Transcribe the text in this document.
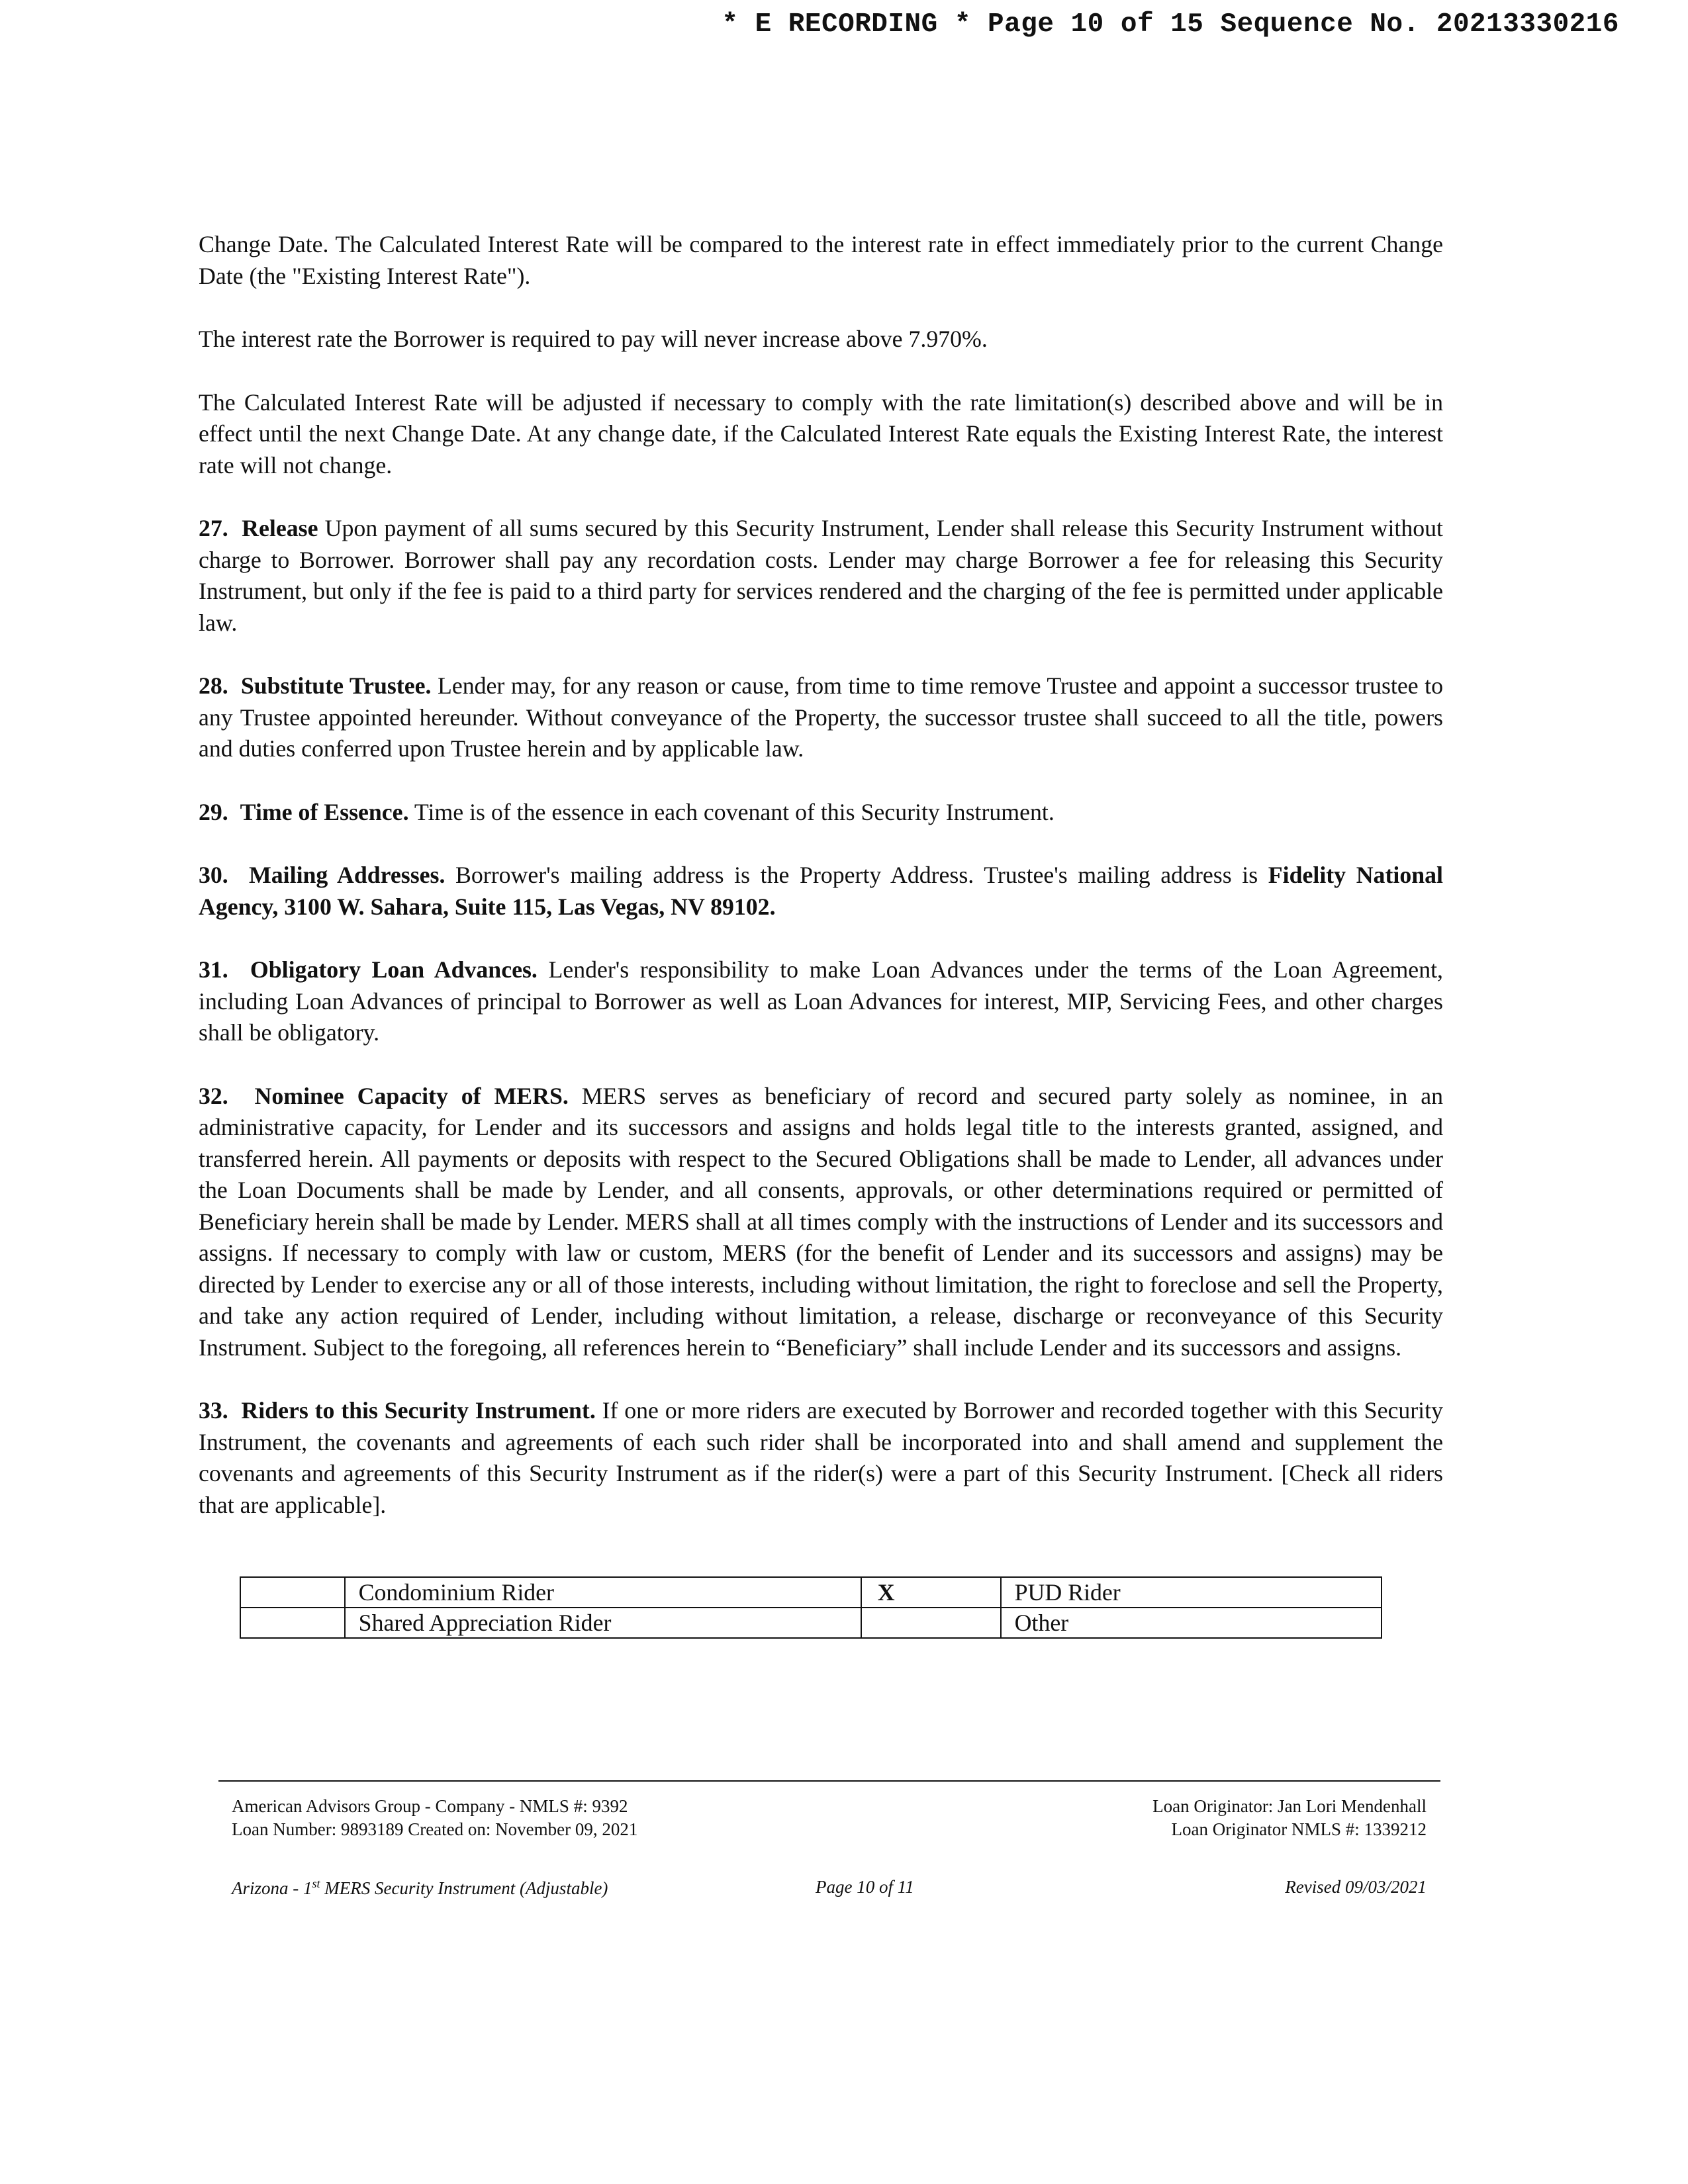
* E RECORDING * Page 10 of 15 Sequence No. 20213330216

Change Date. The Calculated Interest Rate will be compared to the interest rate in effect immediately prior to the current Change Date (the "Existing Interest Rate").

The interest rate the Borrower is required to pay will never increase above 7.970%.

The Calculated Interest Rate will be adjusted if necessary to comply with the rate limitation(s) described above and will be in effect until the next Change Date. At any change date, if the Calculated Interest Rate equals the Existing Interest Rate, the interest rate will not change.

27. Release Upon payment of all sums secured by this Security Instrument, Lender shall release this Security Instrument without charge to Borrower. Borrower shall pay any recordation costs. Lender may charge Borrower a fee for releasing this Security Instrument, but only if the fee is paid to a third party for services rendered and the charging of the fee is permitted under applicable law.

28. Substitute Trustee. Lender may, for any reason or cause, from time to time remove Trustee and appoint a successor trustee to any Trustee appointed hereunder. Without conveyance of the Property, the successor trustee shall succeed to all the title, powers and duties conferred upon Trustee herein and by applicable law.

29. Time of Essence. Time is of the essence in each covenant of this Security Instrument.

30. Mailing Addresses. Borrower's mailing address is the Property Address. Trustee's mailing address is Fidelity National Agency, 3100 W. Sahara, Suite 115, Las Vegas, NV 89102.

31. Obligatory Loan Advances. Lender's responsibility to make Loan Advances under the terms of the Loan Agreement, including Loan Advances of principal to Borrower as well as Loan Advances for interest, MIP, Servicing Fees, and other charges shall be obligatory.

32. Nominee Capacity of MERS. MERS serves as beneficiary of record and secured party solely as nominee, in an administrative capacity, for Lender and its successors and assigns and holds legal title to the interests granted, assigned, and transferred herein. All payments or deposits with respect to the Secured Obligations shall be made to Lender, all advances under the Loan Documents shall be made by Lender, and all consents, approvals, or other determinations required or permitted of Beneficiary herein shall be made by Lender. MERS shall at all times comply with the instructions of Lender and its successors and assigns. If necessary to comply with law or custom, MERS (for the benefit of Lender and its successors and assigns) may be directed by Lender to exercise any or all of those interests, including without limitation, the right to foreclose and sell the Property, and take any action required of Lender, including without limitation, a release, discharge or reconveyance of this Security Instrument. Subject to the foregoing, all references herein to “Beneficiary” shall include Lender and its successors and assigns.

33. Riders to this Security Instrument. If one or more riders are executed by Borrower and recorded together with this Security Instrument, the covenants and agreements of each such rider shall be incorporated into and shall amend and supplement the covenants and agreements of this Security Instrument as if the rider(s) were a part of this Security Instrument. [Check all riders that are applicable].

	Condominium Rider	X	PUD Rider
	Shared Appreciation Rider		Other
American Advisors Group - Company - NMLS #: 9392
Loan Number: 9893189 Created on: November 09, 2021
Loan Originator: Jan Lori Mendenhall
Loan Originator NMLS #: 1339212
Arizona - 1st MERS Security Instrument (Adjustable)	Page 10 of 11	Revised 09/03/2021
